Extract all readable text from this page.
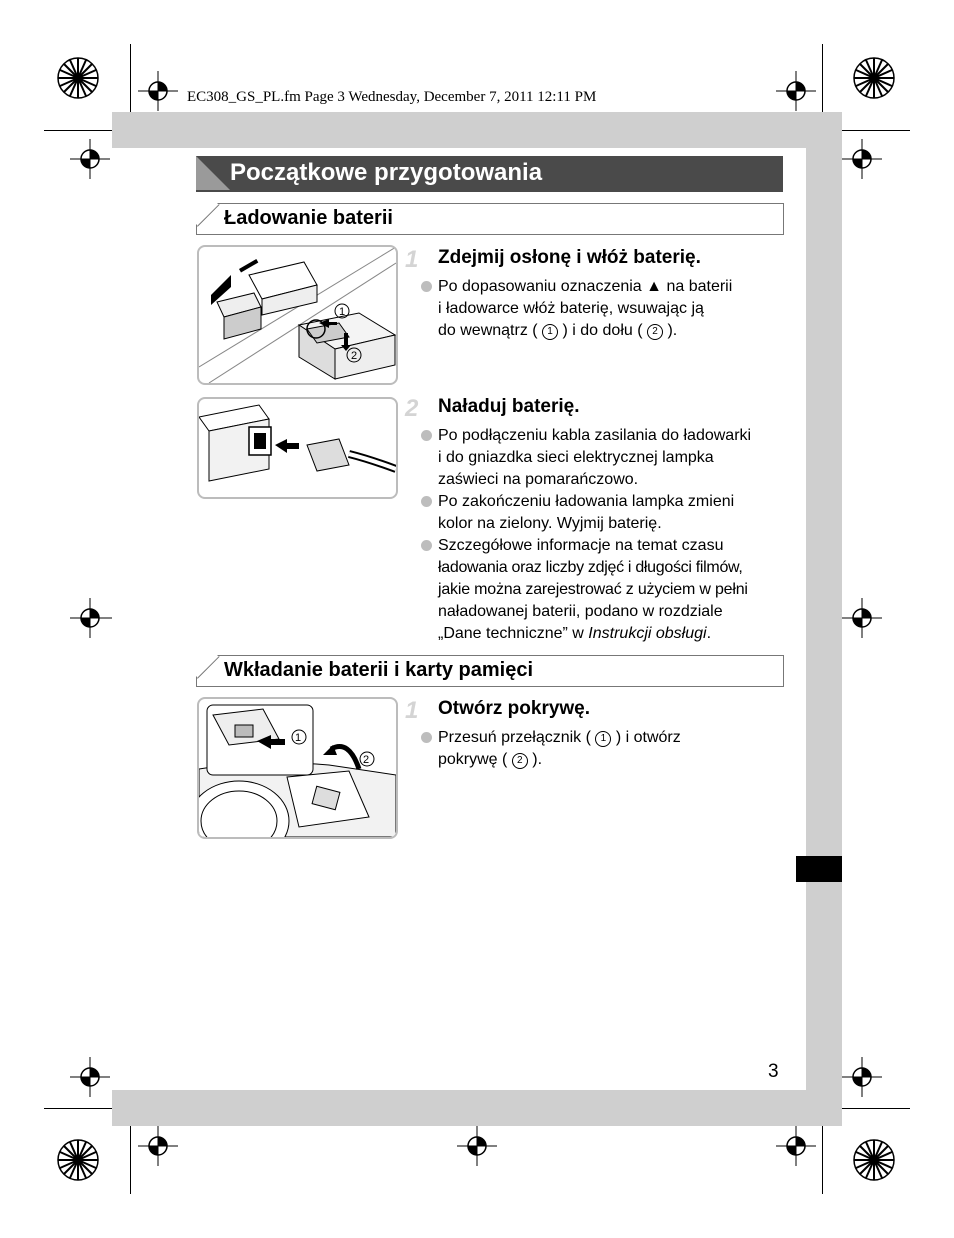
EC308_GS_PL.fm Page 3 Wednesday, December 7, 2011 12:11 PM
Początkowe przygotowania
Ładowanie baterii
1
2
1 Zdejmij osłonę i włóż baterię.
Po dopasowaniu oznaczenia ▲ na baterii
i ładowarce włóż baterię, wsuwając ją
do wewnątrz ( 1 ) i do dołu ( 2 ).
2 Naładuj baterię.
Po podłączeniu kabla zasilania do ładowarki
i do gniazdka sieci elektrycznej lampka
zaświeci na pomarańczowo.
Po zakończeniu ładowania lampka zmieni
kolor na zielony. Wyjmij baterię.
Szczegółowe informacje na temat czasu
ładowania oraz liczby zdjęć i długości filmów,
jakie można zarejestrować z użyciem w pełni
naładowanej baterii, podano w rozdziale
„Dane techniczne” w Instrukcji obsługi.
Wkładanie baterii i karty pamięci
1
2
1 Otwórz pokrywę.
Przesuń przełącznik ( 1 ) i otwórz
pokrywę ( 2 ).
3
